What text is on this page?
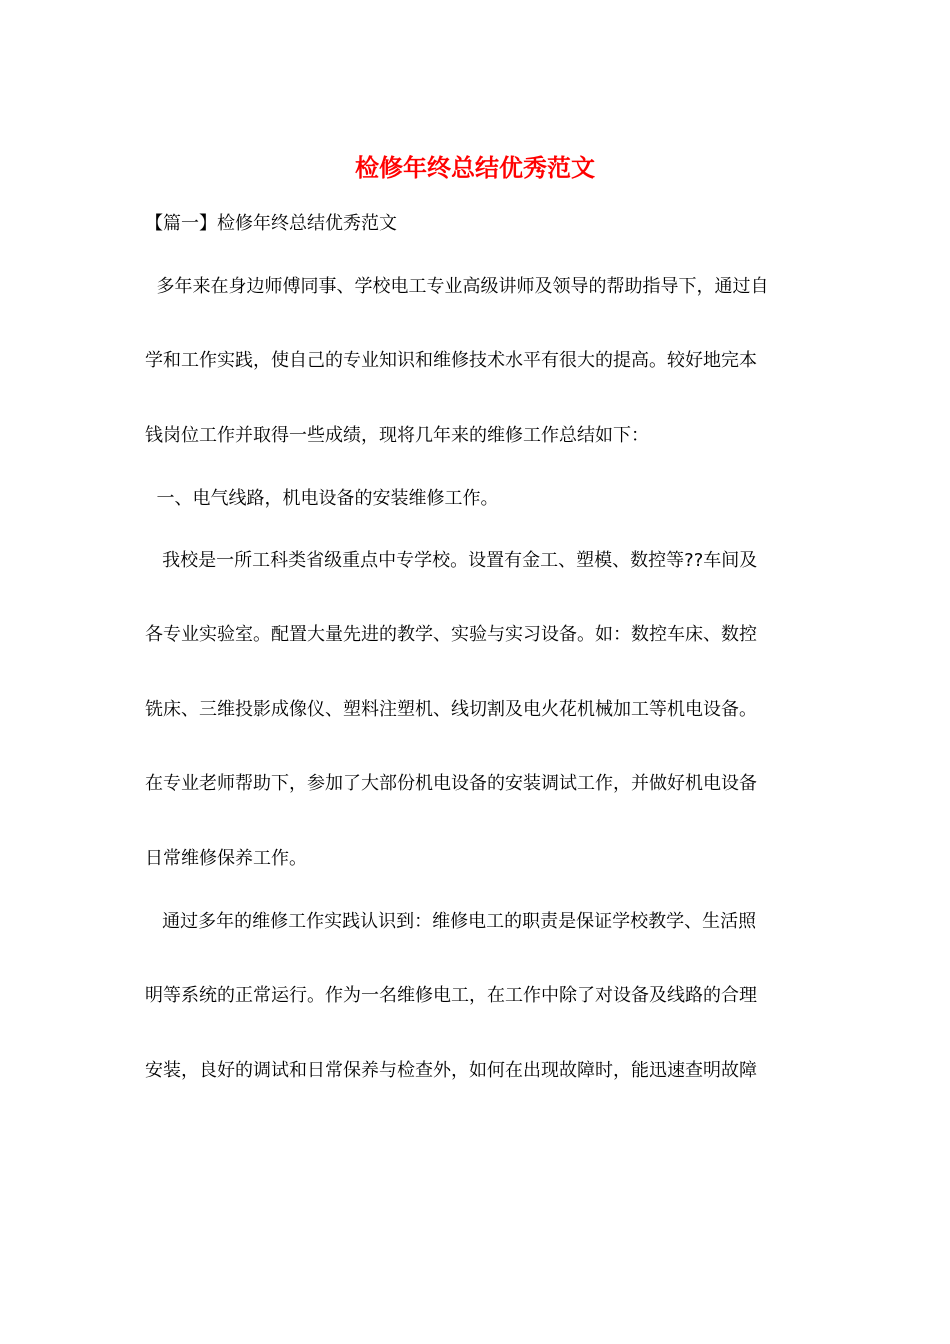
检修年终总结优秀范文
【篇一】检修年终总结优秀范文
多年来在身边师傅同事、学校电工专业高级讲师及领导的帮助指导下，通过自
学和工作实践，使自己的专业知识和维修技术水平有很大的提高。较好地完本
钱岗位工作并取得一些成绩，现将几年来的维修工作总结如下：
一、电气线路，机电设备的安装维修工作。
我校是一所工科类省级重点中专学校。设置有金工、塑模、数控等??车间及
各专业实验室。配置大量先进的教学、实验与实习设备。如：数控车床、数控
铣床、三维投影成像仪、塑料注塑机、线切割及电火花机械加工等机电设备。
在专业老师帮助下，参加了大部份机电设备的安装调试工作，并做好机电设备
日常维修保养工作。
通过多年的维修工作实践认识到：维修电工的职责是保证学校教学、生活照
明等系统的正常运行。作为一名维修电工，在工作中除了对设备及线路的合理
安装，良好的调试和日常保养与检查外，如何在出现故障时，能迅速查明故障
